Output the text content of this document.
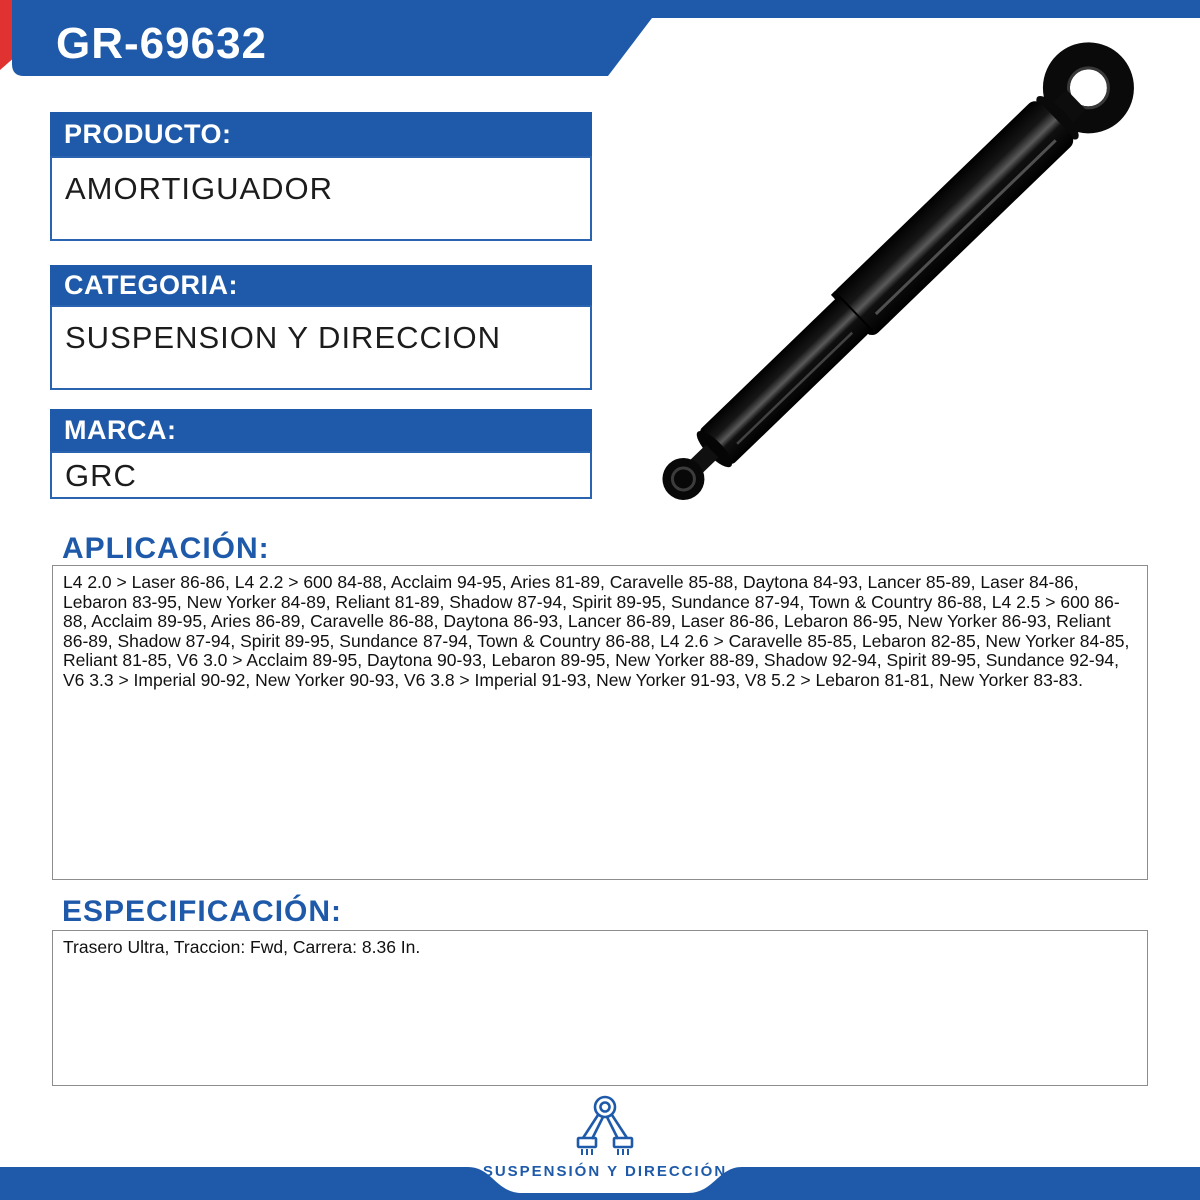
GR-69632
PRODUCTO:
AMORTIGUADOR
CATEGORIA:
SUSPENSION Y DIRECCION
MARCA:
GRC
APLICACIÓN:
L4 2.0 > Laser 86-86, L4 2.2 > 600 84-88, Acclaim 94-95, Aries 81-89, Caravelle 85-88, Daytona 84-93, Lancer 85-89, Laser 84-86, Lebaron 83-95, New Yorker 84-89, Reliant 81-89, Shadow 87-94, Spirit 89-95, Sundance 87-94, Town & Country 86-88, L4 2.5 > 600 86-88, Acclaim 89-95, Aries 86-89, Caravelle 86-88, Daytona 86-93, Lancer 86-89, Laser 86-86, Lebaron 86-95, New Yorker 86-93, Reliant 86-89, Shadow 87-94, Spirit 89-95, Sundance 87-94, Town & Country 86-88, L4 2.6 > Caravelle 85-85, Lebaron 82-85, New Yorker 84-85, Reliant 81-85, V6 3.0 > Acclaim 89-95, Daytona 90-93, Lebaron 89-95, New Yorker 88-89, Shadow 92-94, Spirit 89-95, Sundance 92-94, V6 3.3 > Imperial 90-92, New Yorker 90-93, V6 3.8 > Imperial 91-93, New Yorker 91-93, V8 5.2 > Lebaron 81-81, New Yorker 83-83.
ESPECIFICACIÓN:
Trasero Ultra, Traccion: Fwd, Carrera: 8.36 In.
SUSPENSIÓN Y DIRECCIÓN
